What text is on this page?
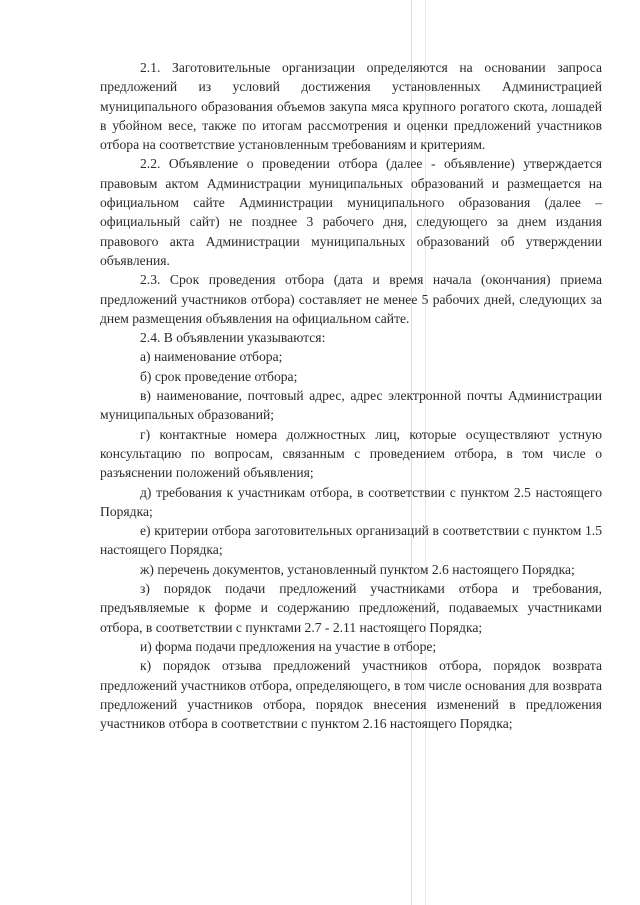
2.1. Заготовительные организации определяются на основании запроса предложений из условий достижения установленных Администрацией муниципального образования объемов закупа мяса крупного рогатого скота, лошадей в убойном весе, также по итогам рассмотрения и оценки предложений участников отбора на соответствие установленным требованиям и критериям.

2.2. Объявление о проведении отбора (далее - объявление) утверждается правовым актом Администрации муниципальных образований и размещается на официальном сайте Администрации муниципального образования (далее – официальный сайт) не позднее 3 рабочего дня, следующего за днем издания правового акта Администрации муниципальных образований об утверждении объявления.

2.3. Срок проведения отбора (дата и время начала (окончания) приема предложений участников отбора) составляет не менее 5 рабочих дней, следующих за днем размещения объявления на официальном сайте.

2.4. В объявлении указываются:

а) наименование отбора;

б) срок проведение отбора;

в) наименование, почтовый адрес, адрес электронной почты Администрации муниципальных образований;

г) контактные номера должностных лиц, которые осуществляют устную консультацию по вопросам, связанным с проведением отбора, в том числе о разъяснении положений объявления;

д) требования к участникам отбора, в соответствии с пунктом 2.5 настоящего Порядка;

е) критерии отбора заготовительных организаций в соответствии с пунктом 1.5 настоящего Порядка;

ж) перечень документов, установленный пунктом 2.6 настоящего Порядка;

з) порядок подачи предложений участниками отбора и требования, предъявляемые к форме и содержанию предложений, подаваемых участниками отбора, в соответствии с пунктами 2.7 - 2.11 настоящего Порядка;

и) форма подачи предложения на участие в отборе;

к) порядок отзыва предложений участников отбора, порядок возврата предложений участников отбора, определяющего, в том числе основания для возврата предложений участников отбора, порядок внесения изменений в предложения участников отбора в соответствии с пунктом 2.16 настоящего Порядка;
